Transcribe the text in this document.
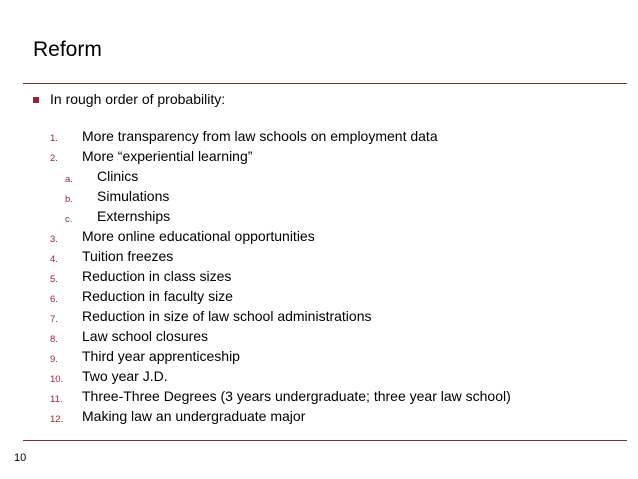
Reform
In rough order of probability:
1. More transparency from law schools on employment data
2. More “experiential learning”
a. Clinics
b. Simulations
c. Externships
3. More online educational opportunities
4. Tuition freezes
5. Reduction in class sizes
6. Reduction in faculty size
7. Reduction in size of law school administrations
8. Law school closures
9. Third year apprenticeship
10. Two year J.D.
11. Three-Three Degrees (3 years undergraduate; three year law school)
12. Making law an undergraduate major
10
